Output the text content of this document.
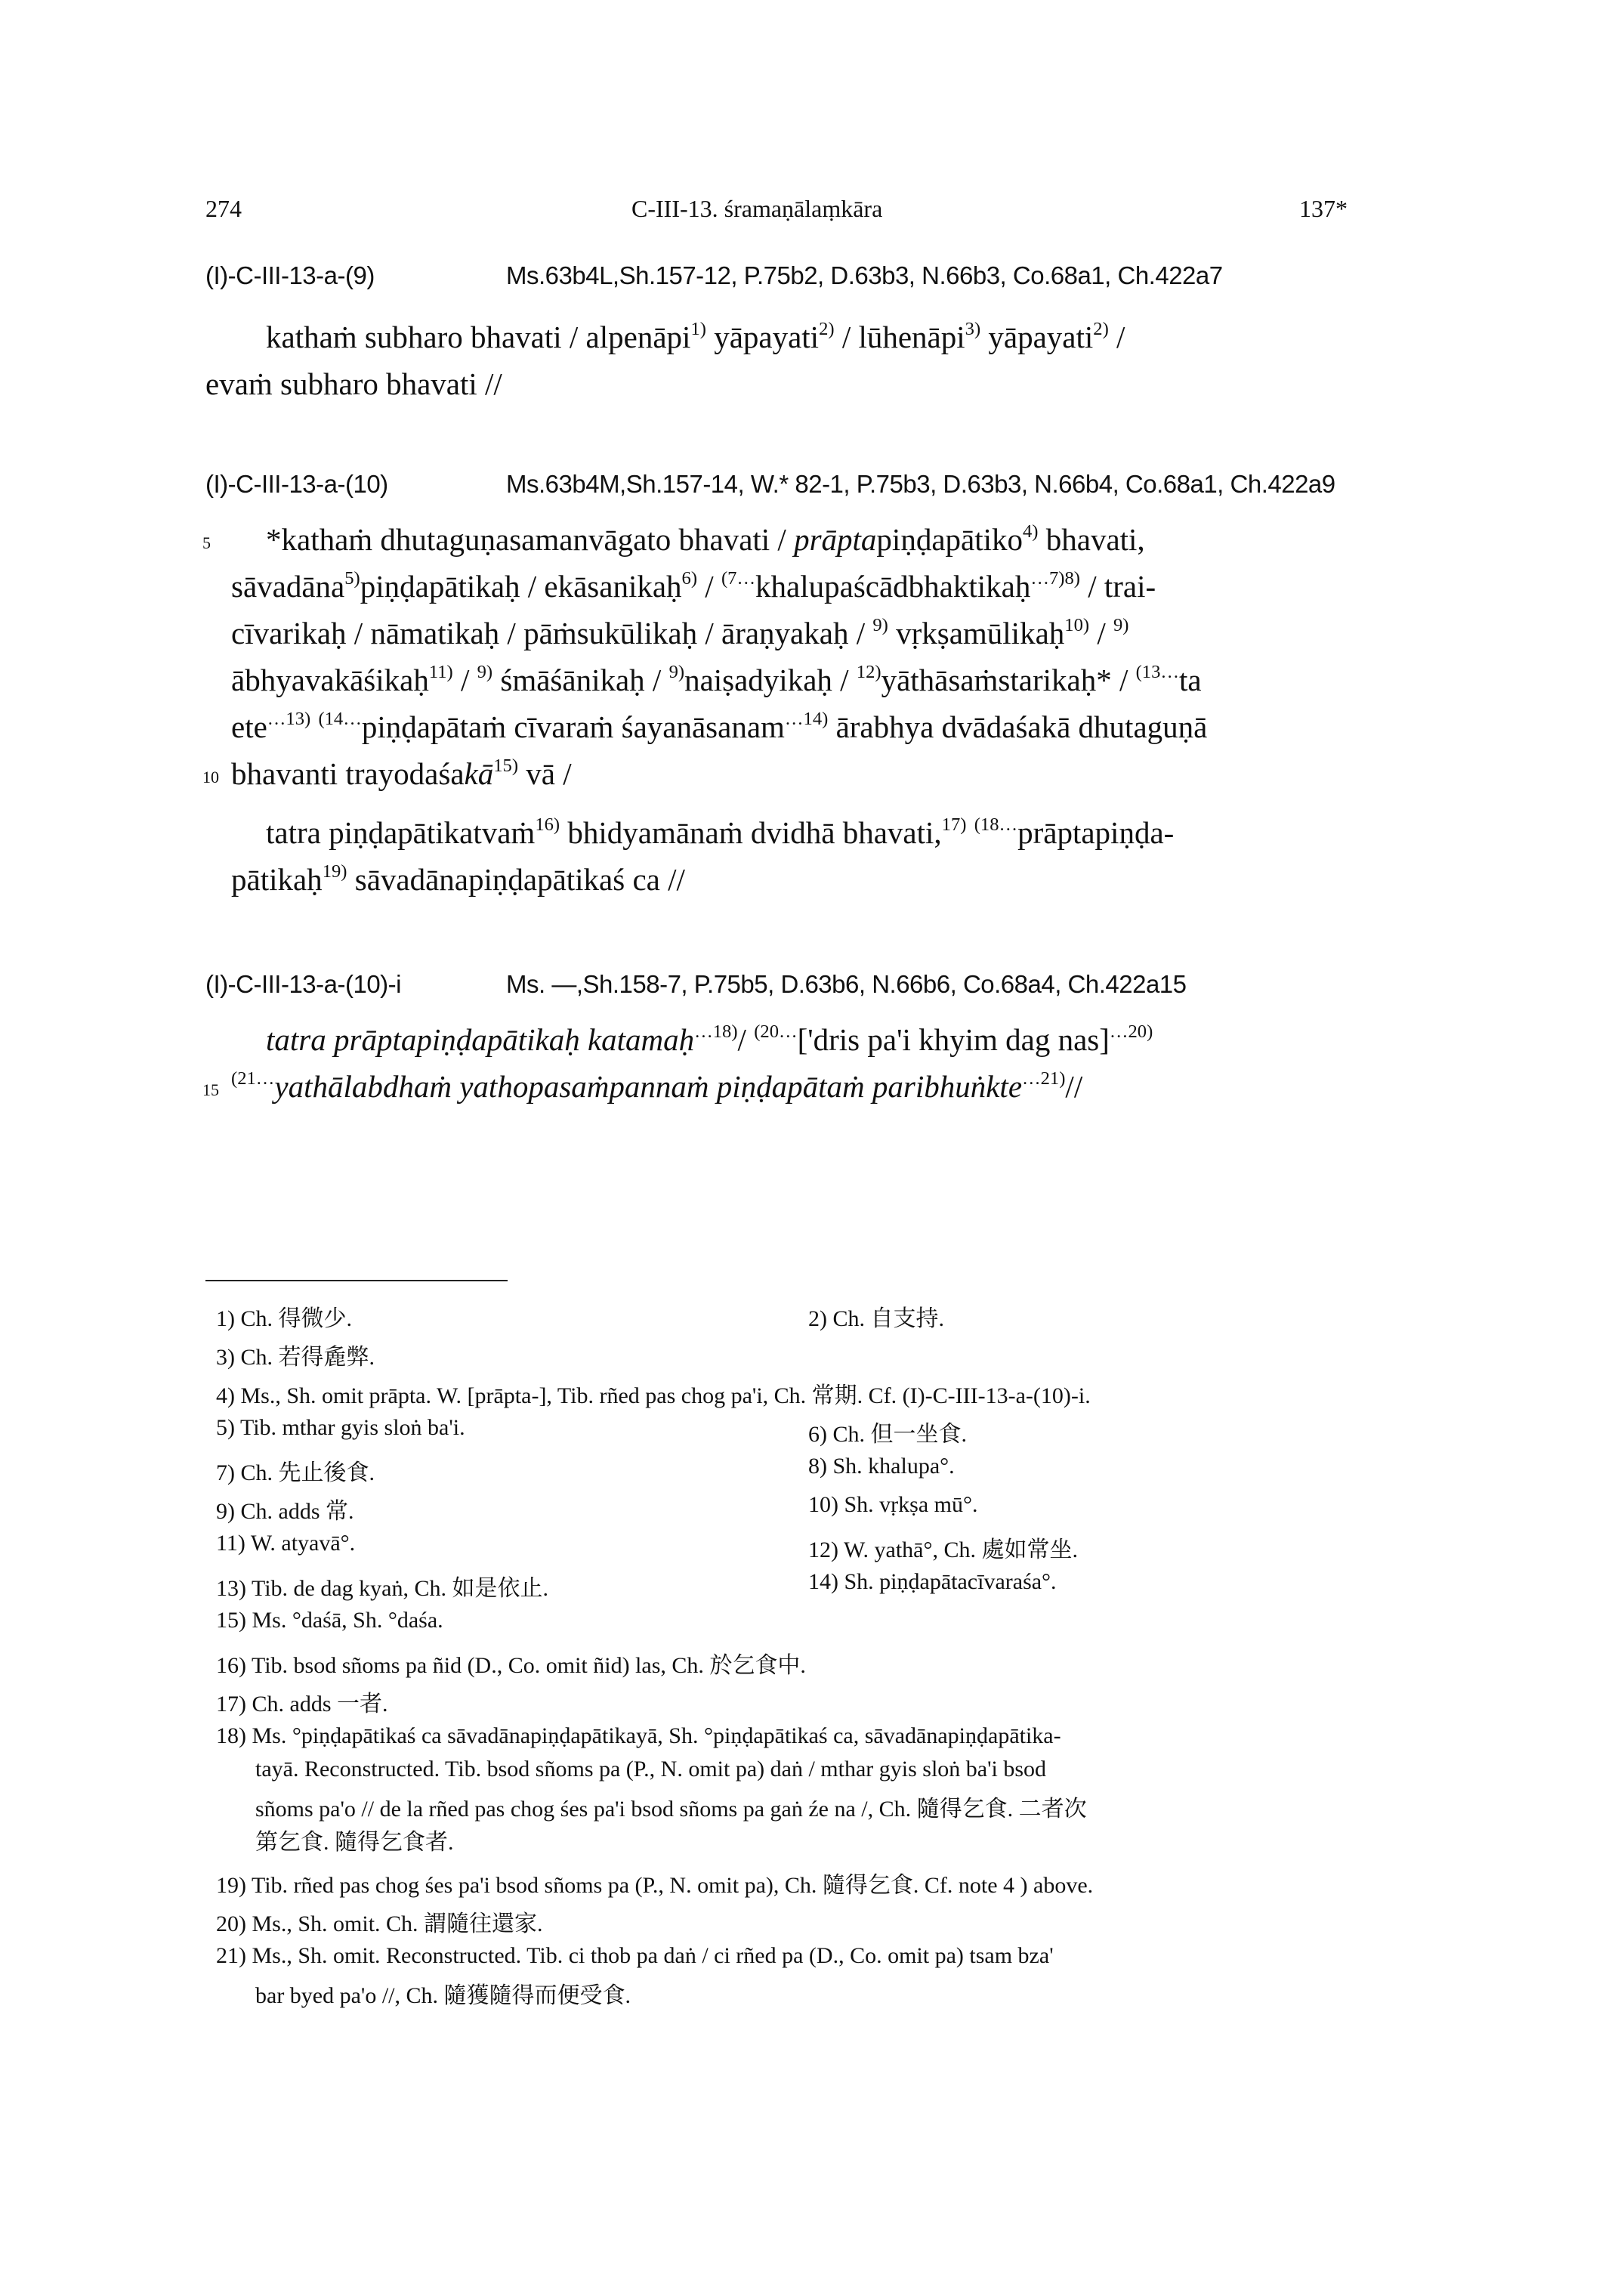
274	C-III-13. śramaṇālaṃkāra	137*
(I)-C-III-13-a-(9)	Ms.63b4L,Sh.157-12, P.75b2, D.63b3, N.66b3, Co.68a1, Ch.422a7
kathaṁ subharo bhavati / alpenāpi$^{1)}$ yāpayati$^{2)}$ / lūhenāpi$^{3)}$ yāpayati$^{2)}$ /
evaṁ subharo bhavati //
(I)-C-III-13-a-(10)	Ms.63b4M,Sh.157-14, W.* 82-1, P.75b3, D.63b3, N.66b4, Co.68a1, Ch.422a9
5 *kathaṁ dhutaguṇasamanvāgato bhavati / prāptapiṇḍapātiko$^{4)}$ bhavati,
sāvadāna$^{5)}$piṇḍapātikaḥ / ekāsanikaḥ$^{6)}$ / $^{(7\dots}$khalupaścādbhaktikaḥ$^{\dots 7)8)}$ / trai-
cīvarikaḥ / nāmatikaḥ / pāṁsukūlikaḥ / āraṇyakaḥ / $^{9)}$ vṛkṣamūlikaḥ$^{10)}$ / $^{9)}$
ābhyavakāśikaḥ$^{11)}$ / $^{9)}$ śmāśānikaḥ / $^{9)}$naiṣadyikaḥ / $^{12)}$yāthāsaṁstarikaḥ* / $^{(13\dots}$ta
ete$^{\dots 13)}$ $^{(14\dots}$piṇḍapātaṁ cīvaraṁ śayanāsanam$^{\dots 14)}$ ārabhya dvādaśakā dhutaguṇā
10 bhavanti trayodaśakā$^{15)}$ vā /
tatra piṇḍapātikatvaṁ$^{16)}$ bhidyamānaṁ dvidhā bhavati,$^{17)}$ $^{(18\dots}$prāptapiṇḍa-
pātikaḥ$^{19)}$ sāvadānapiṇḍapātikaś ca //
(I)-C-III-13-a-(10)-i	Ms. —,Sh.158-7, P.75b5, D.63b6, N.66b6, Co.68a4, Ch.422a15
tatra prāptapiṇḍapātikaḥ katamaḥ$^{\dots 18)}$/ $^{(20\dots}$['dris pa'i khyim dag nas]$^{\dots 20)}$
15
$^{(21\dots}$yathālabdhaṁ yathopasaṁpannaṁ piṇḍapātaṁ paribhuṅkte$^{\dots 21)}$//
1) Ch. 得微少.	2) Ch. 自支持.
3) Ch. 若得麁弊.
4) Ms., Sh. omit prāpta. W. [prāpta-], Tib. rñed pas chog pa'i, Ch. 常期. Cf. (I)-C-III-13-a-(10)-i.
5) Tib. mthar gyis sloṅ ba'i.	6) Ch. 但一坐食.
7) Ch. 先止後食.	8) Sh. khalupa°.
9) Ch. adds 常.	10) Sh. vṛkṣa mū°.
11) W. atyavā°.	12) W. yathā°, Ch. 處如常坐.
13) Tib. de dag kyaṅ, Ch. 如是依止.	14) Sh. piṇḍapātacīvaraśa°.
15) Ms. °daśā, Sh. °daśa.
16) Tib. bsod sñoms pa ñid (D., Co. omit ñid) las, Ch. 於乞食中.
17) Ch. adds 一者.
18) Ms. °piṇḍapātikaś ca sāvadānapiṇḍapātikayā, Sh. °piṇḍapātikaś ca, sāvadānapiṇḍapātika-
tayā. Reconstructed. Tib. bsod sñoms pa (P., N. omit pa) daṅ / mthar gyis sloṅ ba'i bsod
sñoms pa'o // de la rñed pas chog śes pa'i bsod sñoms pa gaṅ źe na /, Ch. 隨得乞食. 二者次
第乞食. 隨得乞食者.
19) Tib. rñed pas chog śes pa'i bsod sñoms pa (P., N. omit pa), Ch. 隨得乞食. Cf. note 4 ) above.
20) Ms., Sh. omit. Ch. 謂隨往還家.
21) Ms., Sh. omit. Reconstructed. Tib. ci thob pa daṅ / ci rñed pa (D., Co. omit pa) tsam bza'
bar byed pa'o //, Ch. 隨獲隨得而便受食.
